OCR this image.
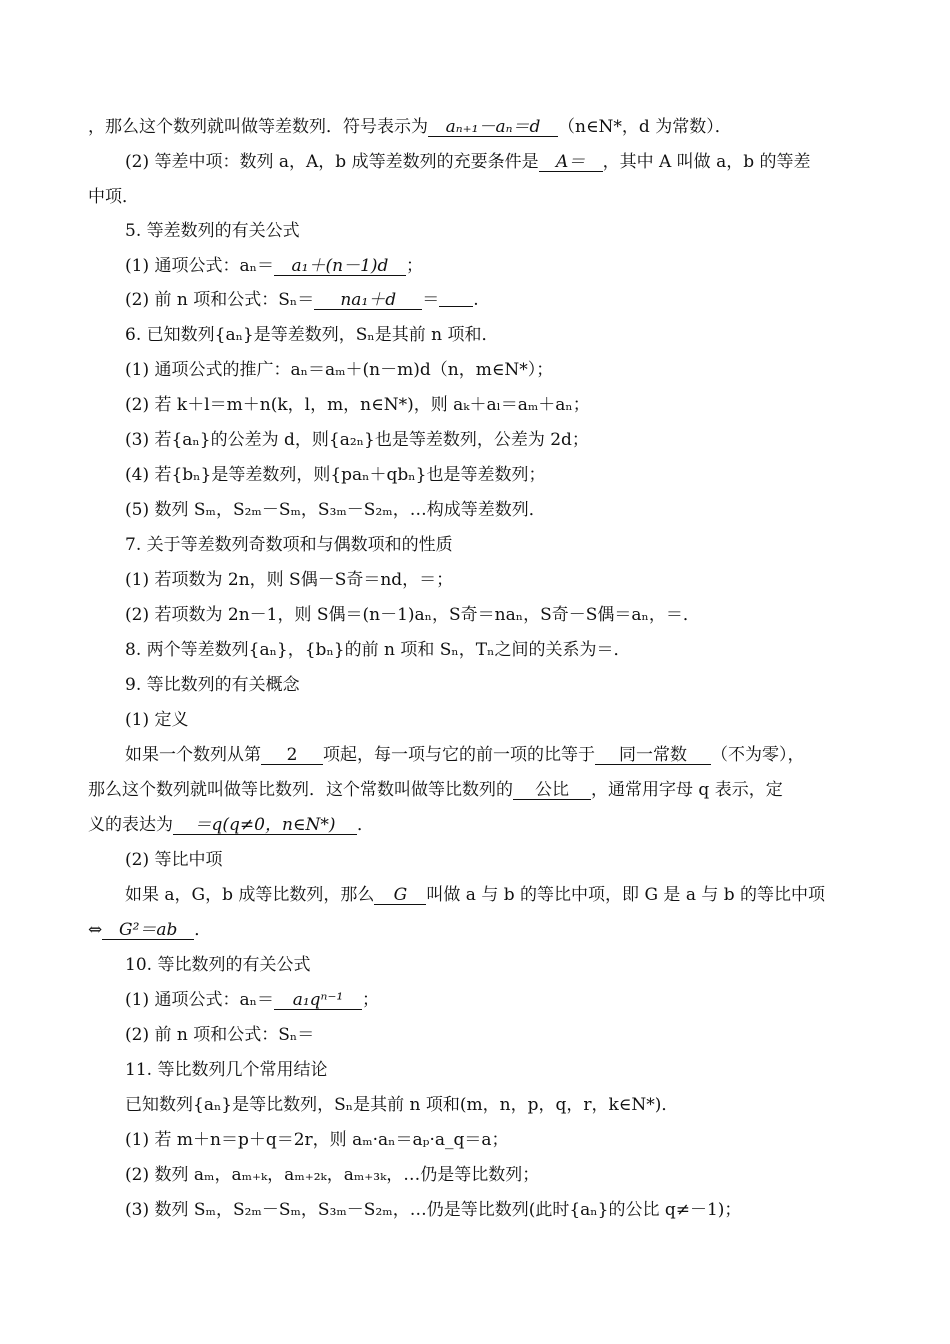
，那么这个数列就叫做等差数列．符号表示为 aₙ₊₁－aₙ＝d （n∈N*，d 为常数）．
(2) 等差中项：数列 a，A，b 成等差数列的充要条件是 A＝ ，其中 A 叫做 a，b 的等差
中项．
5. 等差数列的有关公式
(1) 通项公式：aₙ＝ a₁＋(n－1)d ；
(2) 前 n 项和公式：Sₙ＝ na₁＋d ＝ .
6. 已知数列{aₙ}是等差数列，Sₙ是其前 n 项和．
(1) 通项公式的推广：aₙ＝aₘ＋(n－m)d（n，m∈N*）；
(2) 若 k＋l＝m＋n(k，l，m，n∈N*)，则 aₖ＋aₗ＝aₘ＋aₙ；
(3) 若{aₙ}的公差为 d，则{a₂ₙ}也是等差数列，公差为 2d；
(4) 若{bₙ}是等差数列，则{paₙ＋qbₙ}也是等差数列；
(5) 数列 Sₘ，S₂ₘ－Sₘ，S₃ₘ－S₂ₘ，…构成等差数列．
7. 关于等差数列奇数项和与偶数项和的性质
(1) 若项数为 2n，则 S偶－S奇＝nd，＝；
(2) 若项数为 2n－1，则 S偶＝(n－1)aₙ，S奇＝naₙ，S奇－S偶＝aₙ，＝．
8. 两个等差数列{aₙ}，{bₙ}的前 n 项和 Sₙ，Tₙ之间的关系为＝．
9. 等比数列的有关概念
(1) 定义
如果一个数列从第 2 项起，每一项与它的前一项的比等于 同一常数 （不为零），
那么这个数列就叫做等比数列．这个常数叫做等比数列的 公比 ，通常用字母 q 表示，定
义的表达为 ＝q(q≠0，n∈N*) ．
(2) 等比中项
如果 a，G，b 成等比数列，那么 G 叫做 a 与 b 的等比中项，即 G 是 a 与 b 的等比中项
⇔ G²＝ab ．
10. 等比数列的有关公式
(1) 通项公式：aₙ＝ a₁qⁿ⁻¹ ；
(2) 前 n 项和公式：Sₙ＝
11. 等比数列几个常用结论
已知数列{aₙ}是等比数列，Sₙ是其前 n 项和(m，n，p，q，r，k∈N*)．
(1) 若 m＋n＝p＋q＝2r，则 aₘ·aₙ＝aₚ·a_q＝a；
(2) 数列 aₘ，aₘ₊ₖ，aₘ₊₂ₖ，aₘ₊₃ₖ，…仍是等比数列；
(3) 数列 Sₘ，S₂ₘ－Sₘ，S₃ₘ－S₂ₘ，…仍是等比数列(此时{aₙ}的公比 q≠－1)；
